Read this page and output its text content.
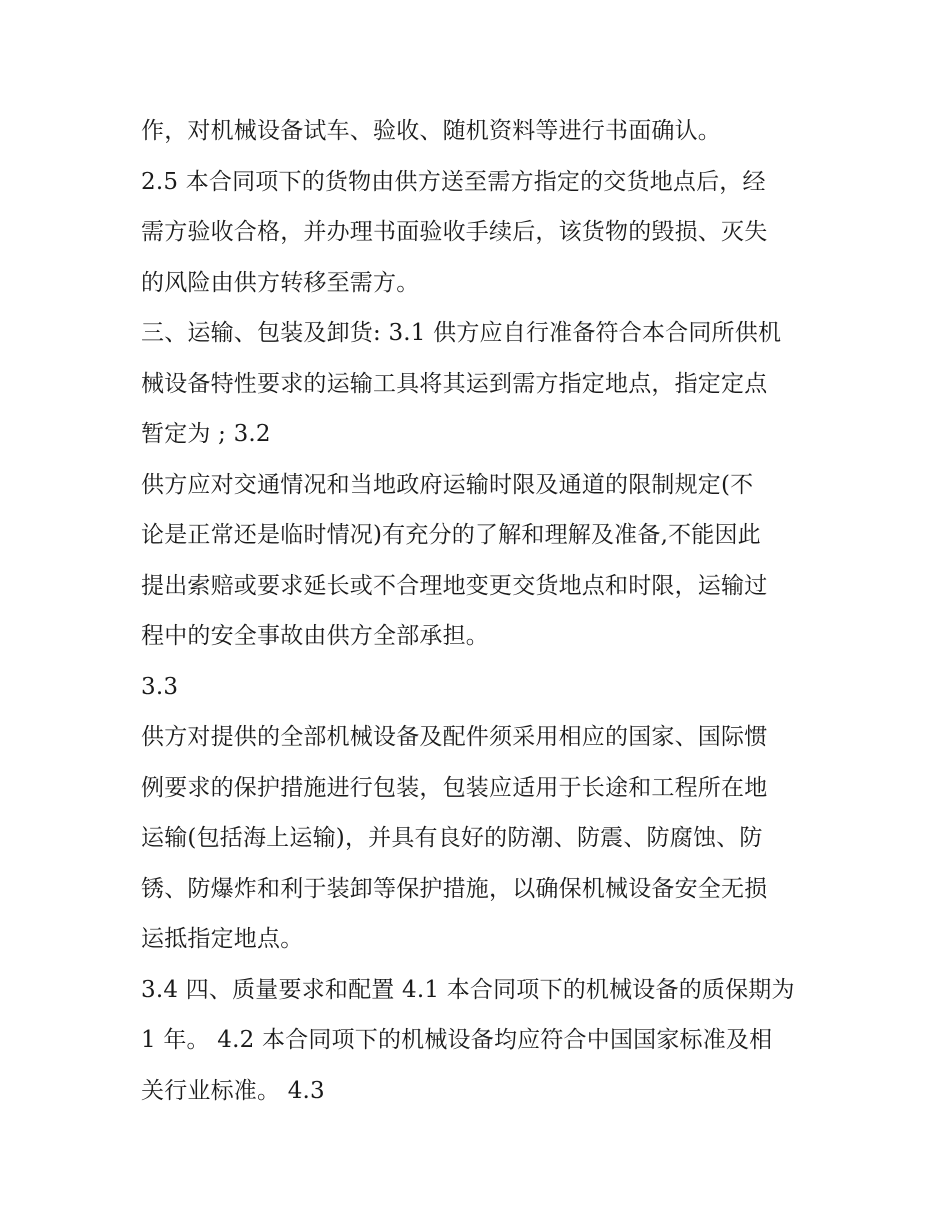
作，对机械设备试车、验收、随机资料等进行书面确认。
2.5 本合同项下的货物由供方送至需方指定的交货地点后，经
需方验收合格，并办理书面验收手续后，该货物的毁损、灭失
的风险由供方转移至需方。
三、运输、包装及卸货: 3.1 供方应自行准备符合本合同所供机
械设备特性要求的运输工具将其运到需方指定地点，指定定点
暂定为 ; 3.2
供方应对交通情况和当地政府运输时限及通道的限制规定(不
论是正常还是临时情况)有充分的了解和理解及准备,不能因此
提出索赔或要求延长或不合理地变更交货地点和时限，运输过
程中的安全事故由供方全部承担。
3.3
供方对提供的全部机械设备及配件须采用相应的国家、国际惯
例要求的保护措施进行包装，包装应适用于长途和工程所在地
运输(包括海上运输)，并具有良好的防潮、防震、防腐蚀、防
锈、防爆炸和利于装卸等保护措施，以确保机械设备安全无损
运抵指定地点。
3.4 四、质量要求和配置 4.1 本合同项下的机械设备的质保期为
1 年。 4.2 本合同项下的机械设备均应符合中国国家标准及相
关行业标准。 4.3
